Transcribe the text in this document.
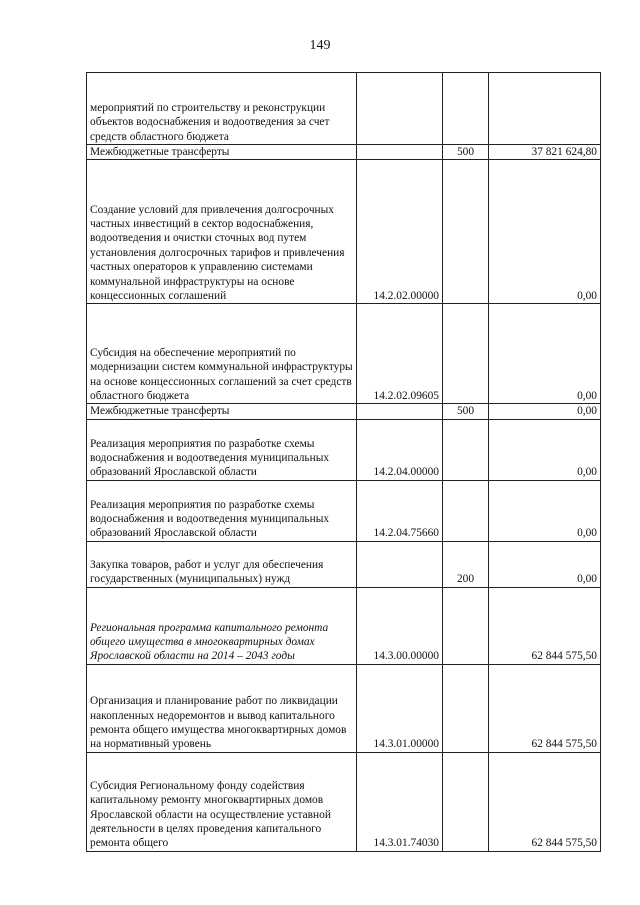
149
мероприятий по строительству и реконструкции объектов водоснабжения и водоотведения за счет средств областного бюджета			
Межбюджетные трансферты		500	37 821 624,80
Создание условий для привлечения долгосрочных частных инвестиций в сектор водоснабжения, водоотведения и очистки сточных вод путем установления долгосрочных тарифов и привлечения частных операторов к управлению системами коммунальной инфраструктуры на основе концессионных соглашений	14.2.02.00000		0,00
Субсидия на обеспечение мероприятий по модернизации систем коммунальной инфраструктуры на основе концессионных соглашений за счет средств областного бюджета	14.2.02.09605		0,00
Межбюджетные трансферты		500	0,00
Реализация мероприятия по разработке схемы водоснабжения и водоотведения муниципальных образований Ярославской области	14.2.04.00000		0,00
Реализация мероприятия по разработке схемы водоснабжения и водоотведения муниципальных образований Ярославской области	14.2.04.75660		0,00
Закупка товаров, работ и услуг для обеспечения государственных (муниципальных) нужд		200	0,00
Региональная программа капитального ремонта общего имущества в многоквартирных домах Ярославской области на 2014 – 2043 годы	14.3.00.00000		62 844 575,50
Организация и планирование работ по ликвидации накопленных недоремонтов и вывод капитального ремонта общего имущества многоквартирных домов на нормативный уровень	14.3.01.00000		62 844 575,50
Субсидия Региональному фонду содействия капитальному ремонту многоквартирных домов Ярославской области на осуществление уставной деятельности в целях проведения капитального ремонта общего	14.3.01.74030		62 844 575,50
